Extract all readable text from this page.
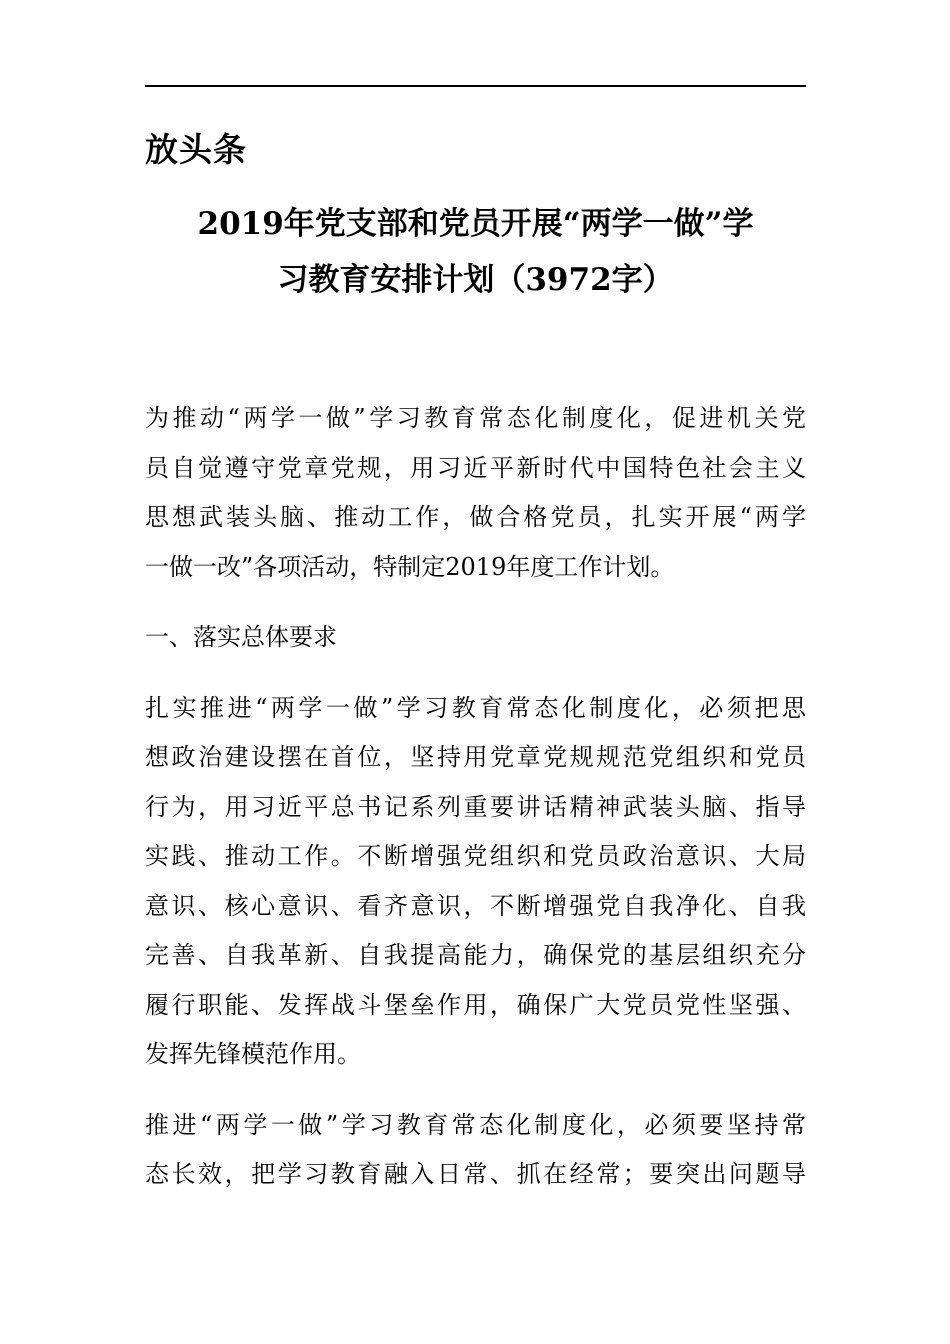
放头条
2019年党支部和党员开展“两学一做”学
习教育安排计划（3972字）
为推动“两学一做”学习教育常态化制度化，促进机关党
员自觉遵守党章党规，用习近平新时代中国特色社会主义
思想武装头脑、推动工作，做合格党员，扎实开展“两学
一做一改”各项活动，特制定2019年度工作计划。
一、落实总体要求
扎实推进“两学一做”学习教育常态化制度化，必须把思
想政治建设摆在首位，坚持用党章党规规范党组织和党员
行为，用习近平总书记系列重要讲话精神武装头脑、指导
实践、推动工作。不断增强党组织和党员政治意识、大局
意识、核心意识、看齐意识，不断增强党自我净化、自我
完善、自我革新、自我提高能力，确保党的基层组织充分
履行职能、发挥战斗堡垒作用，确保广大党员党性坚强、
发挥先锋模范作用。
推进“两学一做”学习教育常态化制度化，必须要坚持常
态长效，把学习教育融入日常、抓在经常；要突出问题导
